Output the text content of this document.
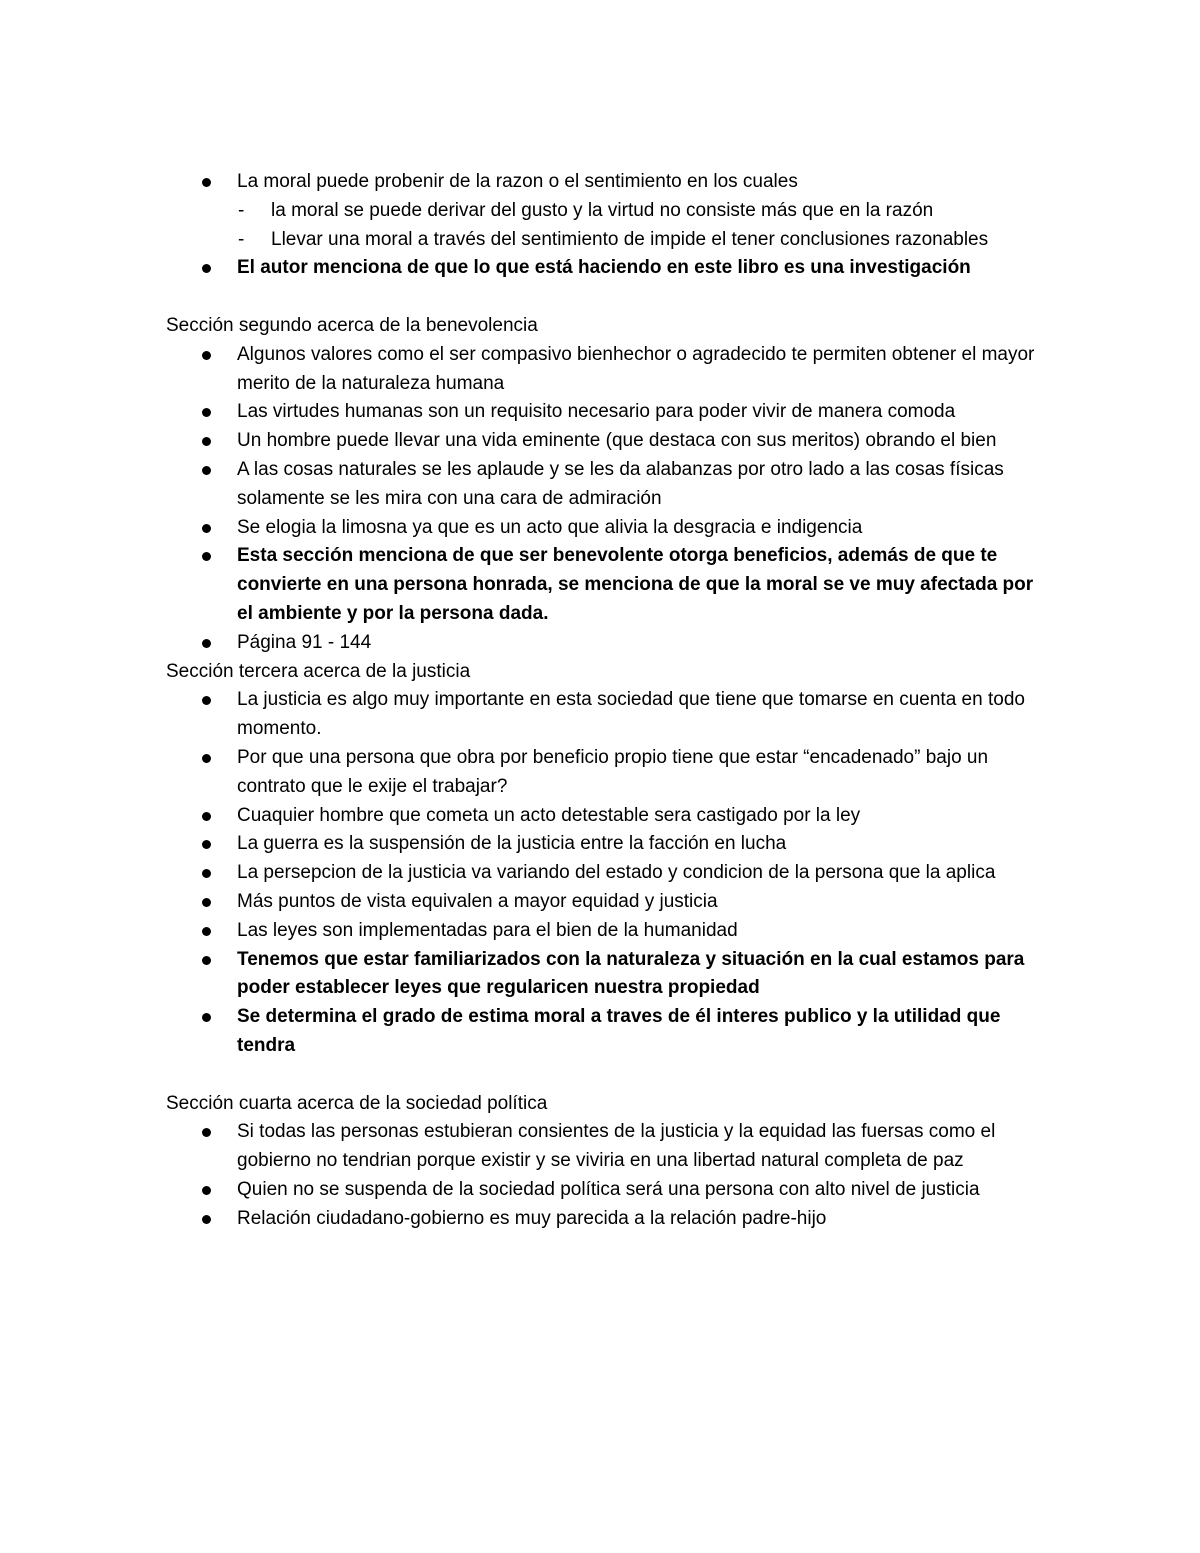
La moral puede probenir de la razon o el sentimiento en los cuales
- la moral se puede derivar del gusto y la virtud no consiste más que en la razón
- Llevar una moral a través del sentimiento de impide el tener conclusiones razonables
El autor menciona de que lo que está haciendo en este libro es una investigación

Sección segundo acerca de la benevolencia

Algunos valores como el ser compasivo bienhechor o agradecido te permiten obtener el mayor merito de la naturaleza humana
Las virtudes humanas son un requisito necesario para poder vivir de manera comoda
Un hombre puede llevar una vida eminente (que destaca con sus meritos) obrando el bien
A las cosas naturales se les aplaude y se les da alabanzas por otro lado a las cosas físicas solamente se les mira con una cara de admiración
Se elogia la limosna ya que es un acto que alivia la desgracia e indigencia
Esta sección menciona de que ser benevolente otorga beneficios, además de que te convierte en una persona honrada, se menciona de que la moral se ve muy afectada por el ambiente y por la persona dada.
Página 91 - 144

Sección tercera acerca de la justicia

La justicia es algo muy importante en esta sociedad que tiene que tomarse en cuenta en todo momento.
Por que una persona que obra por beneficio propio tiene que estar “encadenado” bajo un contrato que le exije el trabajar?
Cuaquier hombre que cometa un acto detestable sera castigado por la ley
La guerra es la suspensión de la justicia entre la facción en lucha
La persepcion de la justicia va variando del estado y condicion de la persona que la aplica
Más puntos de vista equivalen a mayor equidad y justicia
Las leyes son implementadas para el bien de la humanidad
Tenemos que estar familiarizados con la naturaleza y situación en la cual estamos para poder establecer leyes que regularicen nuestra propiedad
Se determina el grado de estima moral a traves de él interes publico y la utilidad que tendra

Sección cuarta acerca de la sociedad política

Si todas las personas estubieran consientes de la justicia y la equidad las fuersas como el gobierno no tendrian porque existir y se viviria en una libertad natural completa de paz
Quien no se suspenda de la sociedad política será una persona con alto nivel de justicia
Relación ciudadano-gobierno es muy parecida a la relación padre-hijo
